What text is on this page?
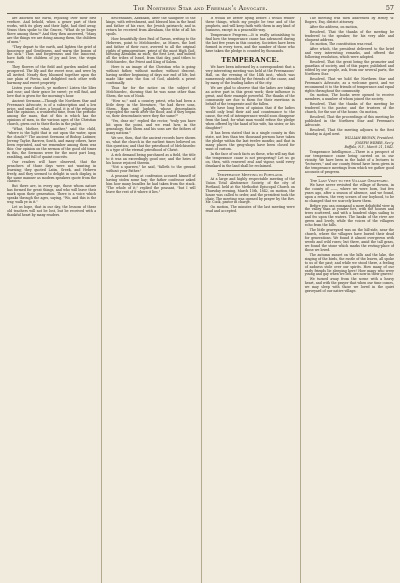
The Northern Star and Freeman's Advocate.	57

are adorned the earth, rejoicing over their first verdure. And behold, when a gener part of their works, with its glory and their light, had died away, Venus then spoke to the Graces, "What do ye linger there among them?" And they then answered, "Many are the things we are doing among them, the children of men."

"They depart to the earth, and lighten the grief of Innocence and Gentleness, and warm the bosom of the sick." Thus and forgiveness and the Innocent, have faith the children of joy and love, the virgin rose.

They flowers of the field and garden smiled and prospered. The lily and the sweet rose, and were by all invited. Nearly they bloomed together upon the one plain of Pieria, and delighted each other with harmony and sweet propriety.

Listen your church, ye mothers! Listen the lilies and rose; and their grace be sweet; ye will find, and love that is given for the morning's hour.

Ancient Sermons.—Though the Northern Star and Freeman's Advocate, is of a subscription and a low price, and small of size, a broad, it is of the religious and the opinions, a wonderful time, from the periodic among the mass, that of this is which has the opinions of men, in the various ages of the Christian church, given out to their flocks in the pulpit.

"What, Mother, what, mother," said the child, "where is the light that is out upon the water, upon the clouds?" The ancient Sermons of Bishop Latimer, Jeremy Taylor, Barrow, South, and many others, have been reprinted, and we remember among them was this: Our opinion on the sermon of the good old times is this, the Sermons were for the most part long, rambling, and full of quaint conceits.

Our readers will have observed, that the preachers of those days were not wanting in learning; they quoted Latin, Greek, and Hebrew freely, and they seemed to delight in such display, in the same manner as modern speakers quote from the classics.

But there are, in every age, those whom nature has formed for great things, and who will leave their mark upon their generation. There is a voice which speaks through the ages, saying, "Wo, and this is the way, walk ye in it."

Let us hope, that in our day, the lessons of these old teachers will not be lost, but be received with a thankful heart by many readers.

descendants, Abraham, after the slaughter of the kings, with refreshment, and blessed him in the head and father of his race, the Jewish patriarch; and in return he received from Abraham, the tithe of all his spoils.

How beautifully does Paul of Tarsus, writing to the Hebrews, point to Melchisedec, as Moses, the lord and father of their race, averred to all the original rights of primogeniture, priest of the most High God, blessing Abraham as such; the first Levi, and indeed all the tribes of Israel, from that day, paid tithes to Melchisedec, the Priest and King of Salem.

Here is an image of the Christian who is going without father, without mother, without descent, having neither beginning of days nor end of life, but made like unto the Son of God, abideth a priest continually.

Thus far for the notice on the subject of Melchisedec, showing that he was none other than Shem, the son of Noah.

"How so," said a country priest, who had been a little deep in the literature, "he had three sons, Shem, Ham and Japheth, whose descendants repeopled the earth after the flood; and if they began so, their descendants were they the same?"

"Yes, dear sir," replied the rector, "truly you have hit upon the point, and we read how, in the genealogy, that Shem and his sons are the fathers of many nations."

We see, then, that the ancient records have shown us, what the church in the earliest times believed on this question; and that the priesthood of Melchisedec is a type of the eternal priesthood of Christ.

A rich demand being purchased as a field, the title to it was an exceedingly good one; and the heirs of his house rejoiced therein.

"Not a sparrow," he said, "falleth to the ground without your Father."

A peasant being at confession accused himself of having stolen some hay; the father confessor asked him how many bundles he had taken from the stack. "The whole of it," replied the peasant, "but I will leave the rest of it where it lies."

It would be better dying before I would render these things, which my people be true and of the prophets, and will keep faith with them in any kind of business, except in a peaceable way.

Temperance Progress.—It is really astonishing to find how the temperance cause has advanced during the last few years in this country. Societies have been formed in every town, and the number of those who have taken the pledge is counted by thousands.

TEMPERANCE.

We have been informed by a correspondent that a very interesting meeting was held at the Freemasons' Hall, on the evening of the 14th inst., which was numerously attended by the friends of the cause, and by many of the leading ladies of the city.

We are glad to observe that the ladies are taking an active part in this great work; their influence is great, and their example powerful. The thanks of the community are due to them for their exertions in behalf of the temperate and the fallen.

We have long been of opinion that if the ladies would only lend their aid and countenance to the cause, the evil of intemperance would soon disappear from the land; for what man would refuse the pledge when offered by the hand of his wife, his sister, or his daughter?

It has been stated that in a single county in this state, not less than ten thousand persons have taken the pledge within the last twelve months; and that in many places the grog-shops have been closed for want of custom.

In the face of such facts as these, who will say that the temperance cause is not prospering? Let us go on, then, with renewed zeal and vigour, until every drunkard in the land shall be reclaimed.

Temperance Meeting in Portland.

At a large and highly respectable meeting of the Union Total Abstinence Society, of the city of Portland, held at the Methodist Episcopal Church on Thursday evening, March 15th, 1842, on motion, the house was called to order, and the president took the chair. The meeting was opened by prayer by the Rev. Mr. Cook, pastor in charge.

On motion, The minutes of the last meeting were read and accepted.

The meeting was then addressed by Henry W. Rogers, Esq. district attorney.

After the address, on motion,

Resolved, That the thanks of the meeting be tendered to the speaker, for his very able and eloquent address.

On motion, The constitution was read.

After which, the president delivered to the brief and very interesting remarks, and offered the following resolution, which were adopted.

Resolved, That the great being the promoter and guardian of society, and of this paper, published and edited by our people, ask, from our several parts, the Northern Star.

Resolved, That we hold the Northern Star and Freeman's Advocate, as a welcome guest, and we recommend it to the friends of temperance and equal rights throughout the community.

On motion, The books were opened to receive members, a number of whom joined the society.

Resolved, That the thanks of the meeting be tendered to the pastor, and the trustees of the church, for the use of the house. On motion,

Resolved, That the proceedings of this meeting be published in the Northern Star and Freeman's Advocate.

Resolved, That the meeting adjourn to the first Monday in April next.

WILLIAM BROWN, President.
JOSEPH WEBER, Sec'y.
Buffalo, N.Y., March 21, 1842.

Temperance Intelligence.—There is a prospect of our temperance cause being carried on in our vicinity. We have been in the habit of a lectures to "lecturers," and our county friend have been given in the temperance meetings from which we gather good accounts of progress.

The Last Visit to the Village Graveyard.

We have never revisited the village of Bowen, in the county of ——, where we were born, but few years ago, after a season of absence, and we found, upon a return, the very scenes of our boyhood, to be so changed that we scarcely knew them.

Before you can command a more delightful view in the valley than at yonder fort, with the houses and trees scattered, and with a hundred ships sailing to and fro upon the waters. The banks of the river are green and lovely, while the voices of the villagers echo from the hills.

The little graveyard was on the hill-side, near the church, where the villagers have buried their dead for generations. We found it almost overgrown with weeds and wild roses; but there, amid the tall grass, we found the stone which marks the resting-place of those we loved.

The autumn sunset on the hills and the lake, the singing of the birds, the rustle of the leaves, all spoke to us of the past; and while we stood there, a feeling of sadness stole over our spirits. How many of our early friends lie sleeping here! How many who were young and gay when we left, are now in their graves!

We turned away from the scene with a heavy heart, and with the prayer that when our time comes, we may sleep with those we loved in the quiet graveyard of our native village.
